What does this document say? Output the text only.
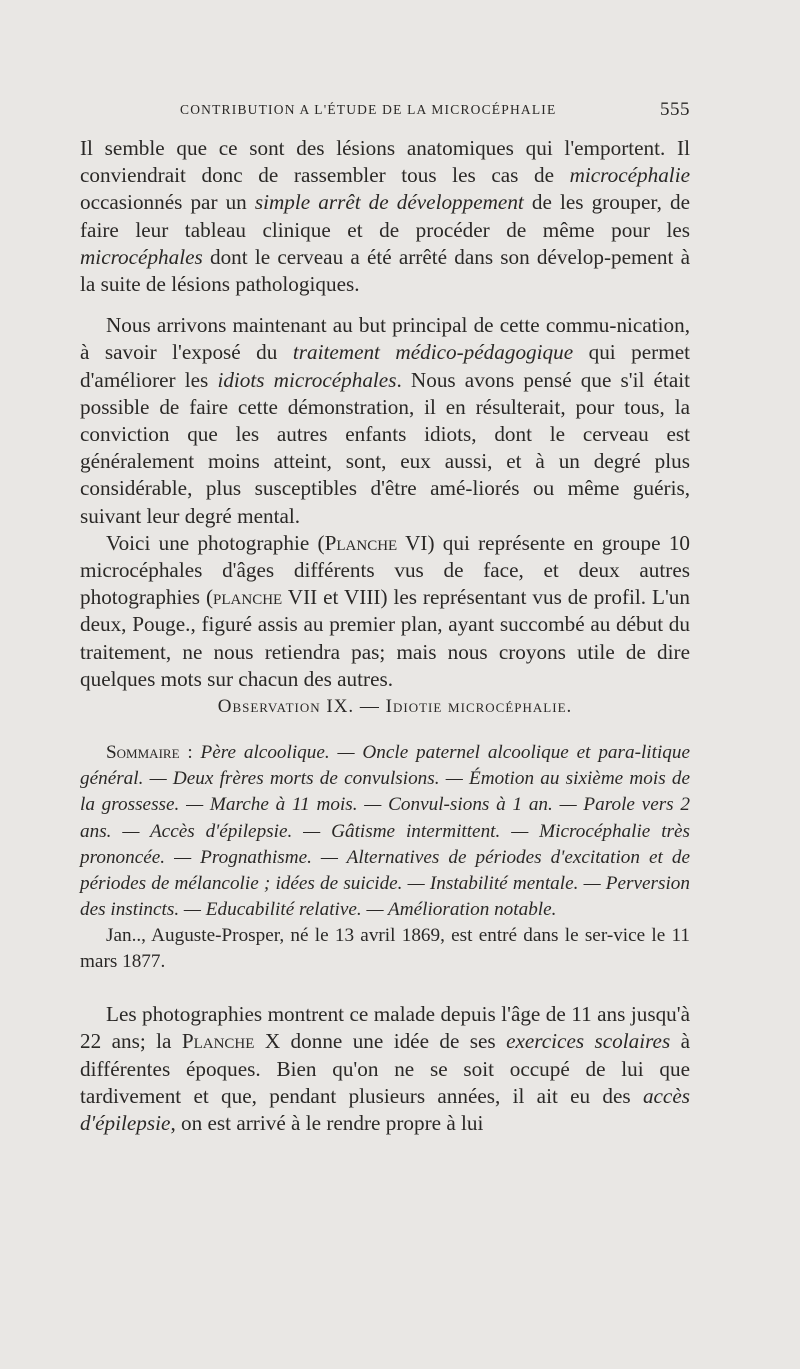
CONTRIBUTION A L'ÉTUDE DE LA MICROCÉPHALIE	555

Il semble que ce sont des lésions anatomiques qui l'emportent. Il conviendrait donc de rassembler tous les cas de microcéphalie occasionnés par un simple arrêt de développement de les grouper, de faire leur tableau clinique et de procéder de même pour les microcéphales dont le cerveau a été arrêté dans son dévelop-pement à la suite de lésions pathologiques.

Nous arrivons maintenant au but principal de cette commu-nication, à savoir l'exposé du traitement médico-pédagogique qui permet d'améliorer les idiots microcéphales. Nous avons pensé que s'il était possible de faire cette démonstration, il en résulterait, pour tous, la conviction que les autres enfants idiots, dont le cerveau est généralement moins atteint, sont, eux aussi, et à un degré plus considérable, plus susceptibles d'être amé-liorés ou même guéris, suivant leur degré mental.

Voici une photographie (Planche VI) qui représente en groupe 10 microcéphales d'âges différents vus de face, et deux autres photographies (planche VII et VIII) les représentant vus de profil. L'un deux, Pouge., figuré assis au premier plan, ayant succombé au début du traitement, ne nous retiendra pas; mais nous croyons utile de dire quelques mots sur chacun des autres.

Observation IX. — Idiotie microcéphalie.

Sommaire : Père alcoolique. — Oncle paternel alcoolique et para-litique général. — Deux frères morts de convulsions. — Émotion au sixième mois de la grossesse. — Marche à 11 mois. — Convul-sions à 1 an. — Parole vers 2 ans. — Accès d'épilepsie. — Gâtisme intermittent. — Microcéphalie très prononcée. — Prognathisme. — Alternatives de périodes d'excitation et de périodes de mélancolie ; idées de suicide. — Instabilité mentale. — Perversion des instincts. — Educabilité relative. — Amélioration notable.

Jan.., Auguste-Prosper, né le 13 avril 1869, est entré dans le ser-vice le 11 mars 1877.

Les photographies montrent ce malade depuis l'âge de 11 ans jusqu'à 22 ans; la Planche X donne une idée de ses exercices scolaires à différentes époques. Bien qu'on ne se soit occupé de lui que tardivement et que, pendant plusieurs années, il ait eu des accès d'épilepsie, on est arrivé à le rendre propre à lui
